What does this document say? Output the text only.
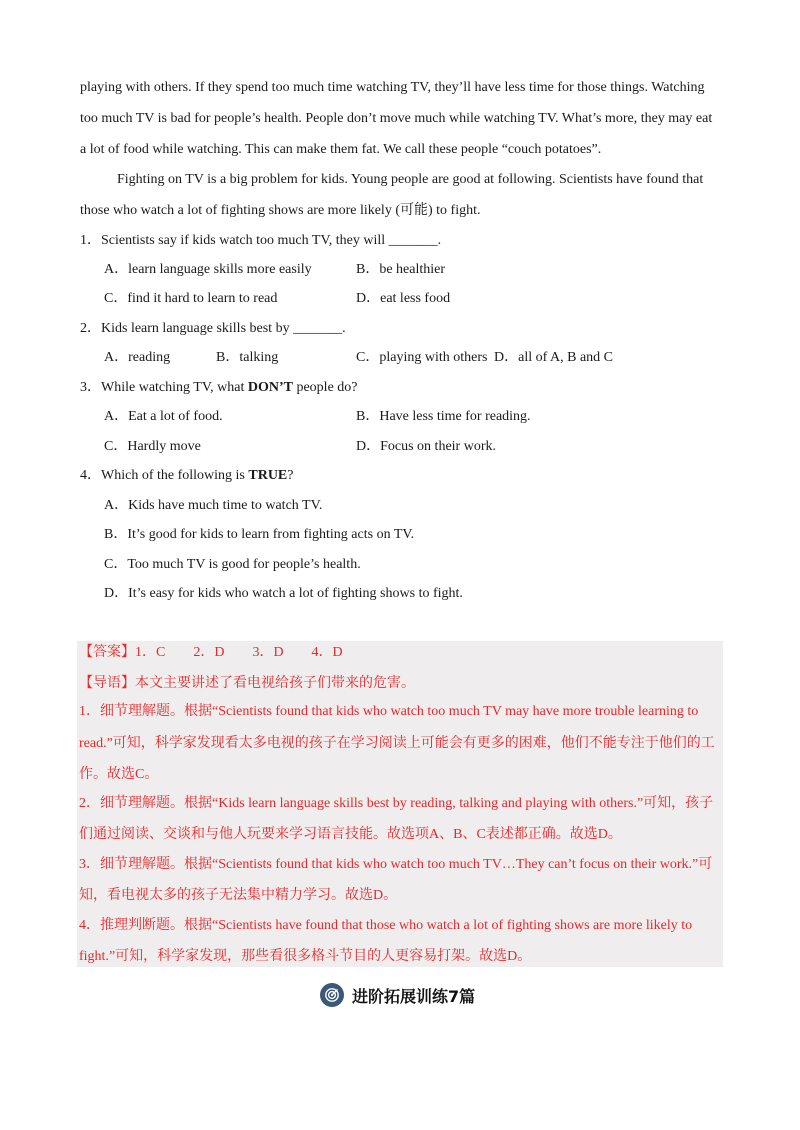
playing with others. If they spend too much time watching TV, they’ll have less time for those things. Watching
too much TV is bad for people’s health. People don’t move much while watching TV. What’s more, they may eat
a lot of food while watching. This can make them fat. We call these people “couch potatoes”.
Fighting on TV is a big problem for kids. Young people are good at following. Scientists have found that
those who watch a lot of fighting shows are more likely (可能) to fight.
1．Scientists say if kids watch too much TV, they will _______.
A．learn language skills more easily	B．be healthier
C．find it hard to learn to read	D．eat less food
2．Kids learn language skills best by _______.
A．reading	B．talking	C．playing with others D．all of A, B and C
3．While watching TV, what DON’T people do?
A．Eat a lot of food.	B．Have less time for reading.
C．Hardly move	D．Focus on their work.
4．Which of the following is TRUE?
A．Kids have much time to watch TV.
B．It’s good for kids to learn from fighting acts on TV.
C．Too much TV is good for people’s health.
D．It’s easy for kids who watch a lot of fighting shows to fight.
【答案】1．C　　2．D　　3．D　　4．D
【导语】本文主要讲述了看电视给孩子们带来的危害。
1．细节理解题。根据“Scientists found that kids who watch too much TV may have more trouble learning to
read.”可知，科学家发现看太多电视的孩子在学习阅读上可能会有更多的困难，他们不能专注于他们的工
作。故选C。
2．细节理解题。根据“Kids learn language skills best by reading, talking and playing with others.”可知，孩子
们通过阅读、交谈和与他人玩要来学习语言技能。故选项A、B、C表述都正确。故选D。
3．细节理解题。根据“Scientists found that kids who watch too much TV…They can’t focus on their work.”可
知，看电视太多的孩子无法集中精力学习。故选D。
4．推理判断题。根据“Scientists have found that those who watch a lot of fighting shows are more likely to
fight.”可知，科学家发现，那些看很多格斗节目的人更容易打架。故选D。
进阶拓展训练7篇
